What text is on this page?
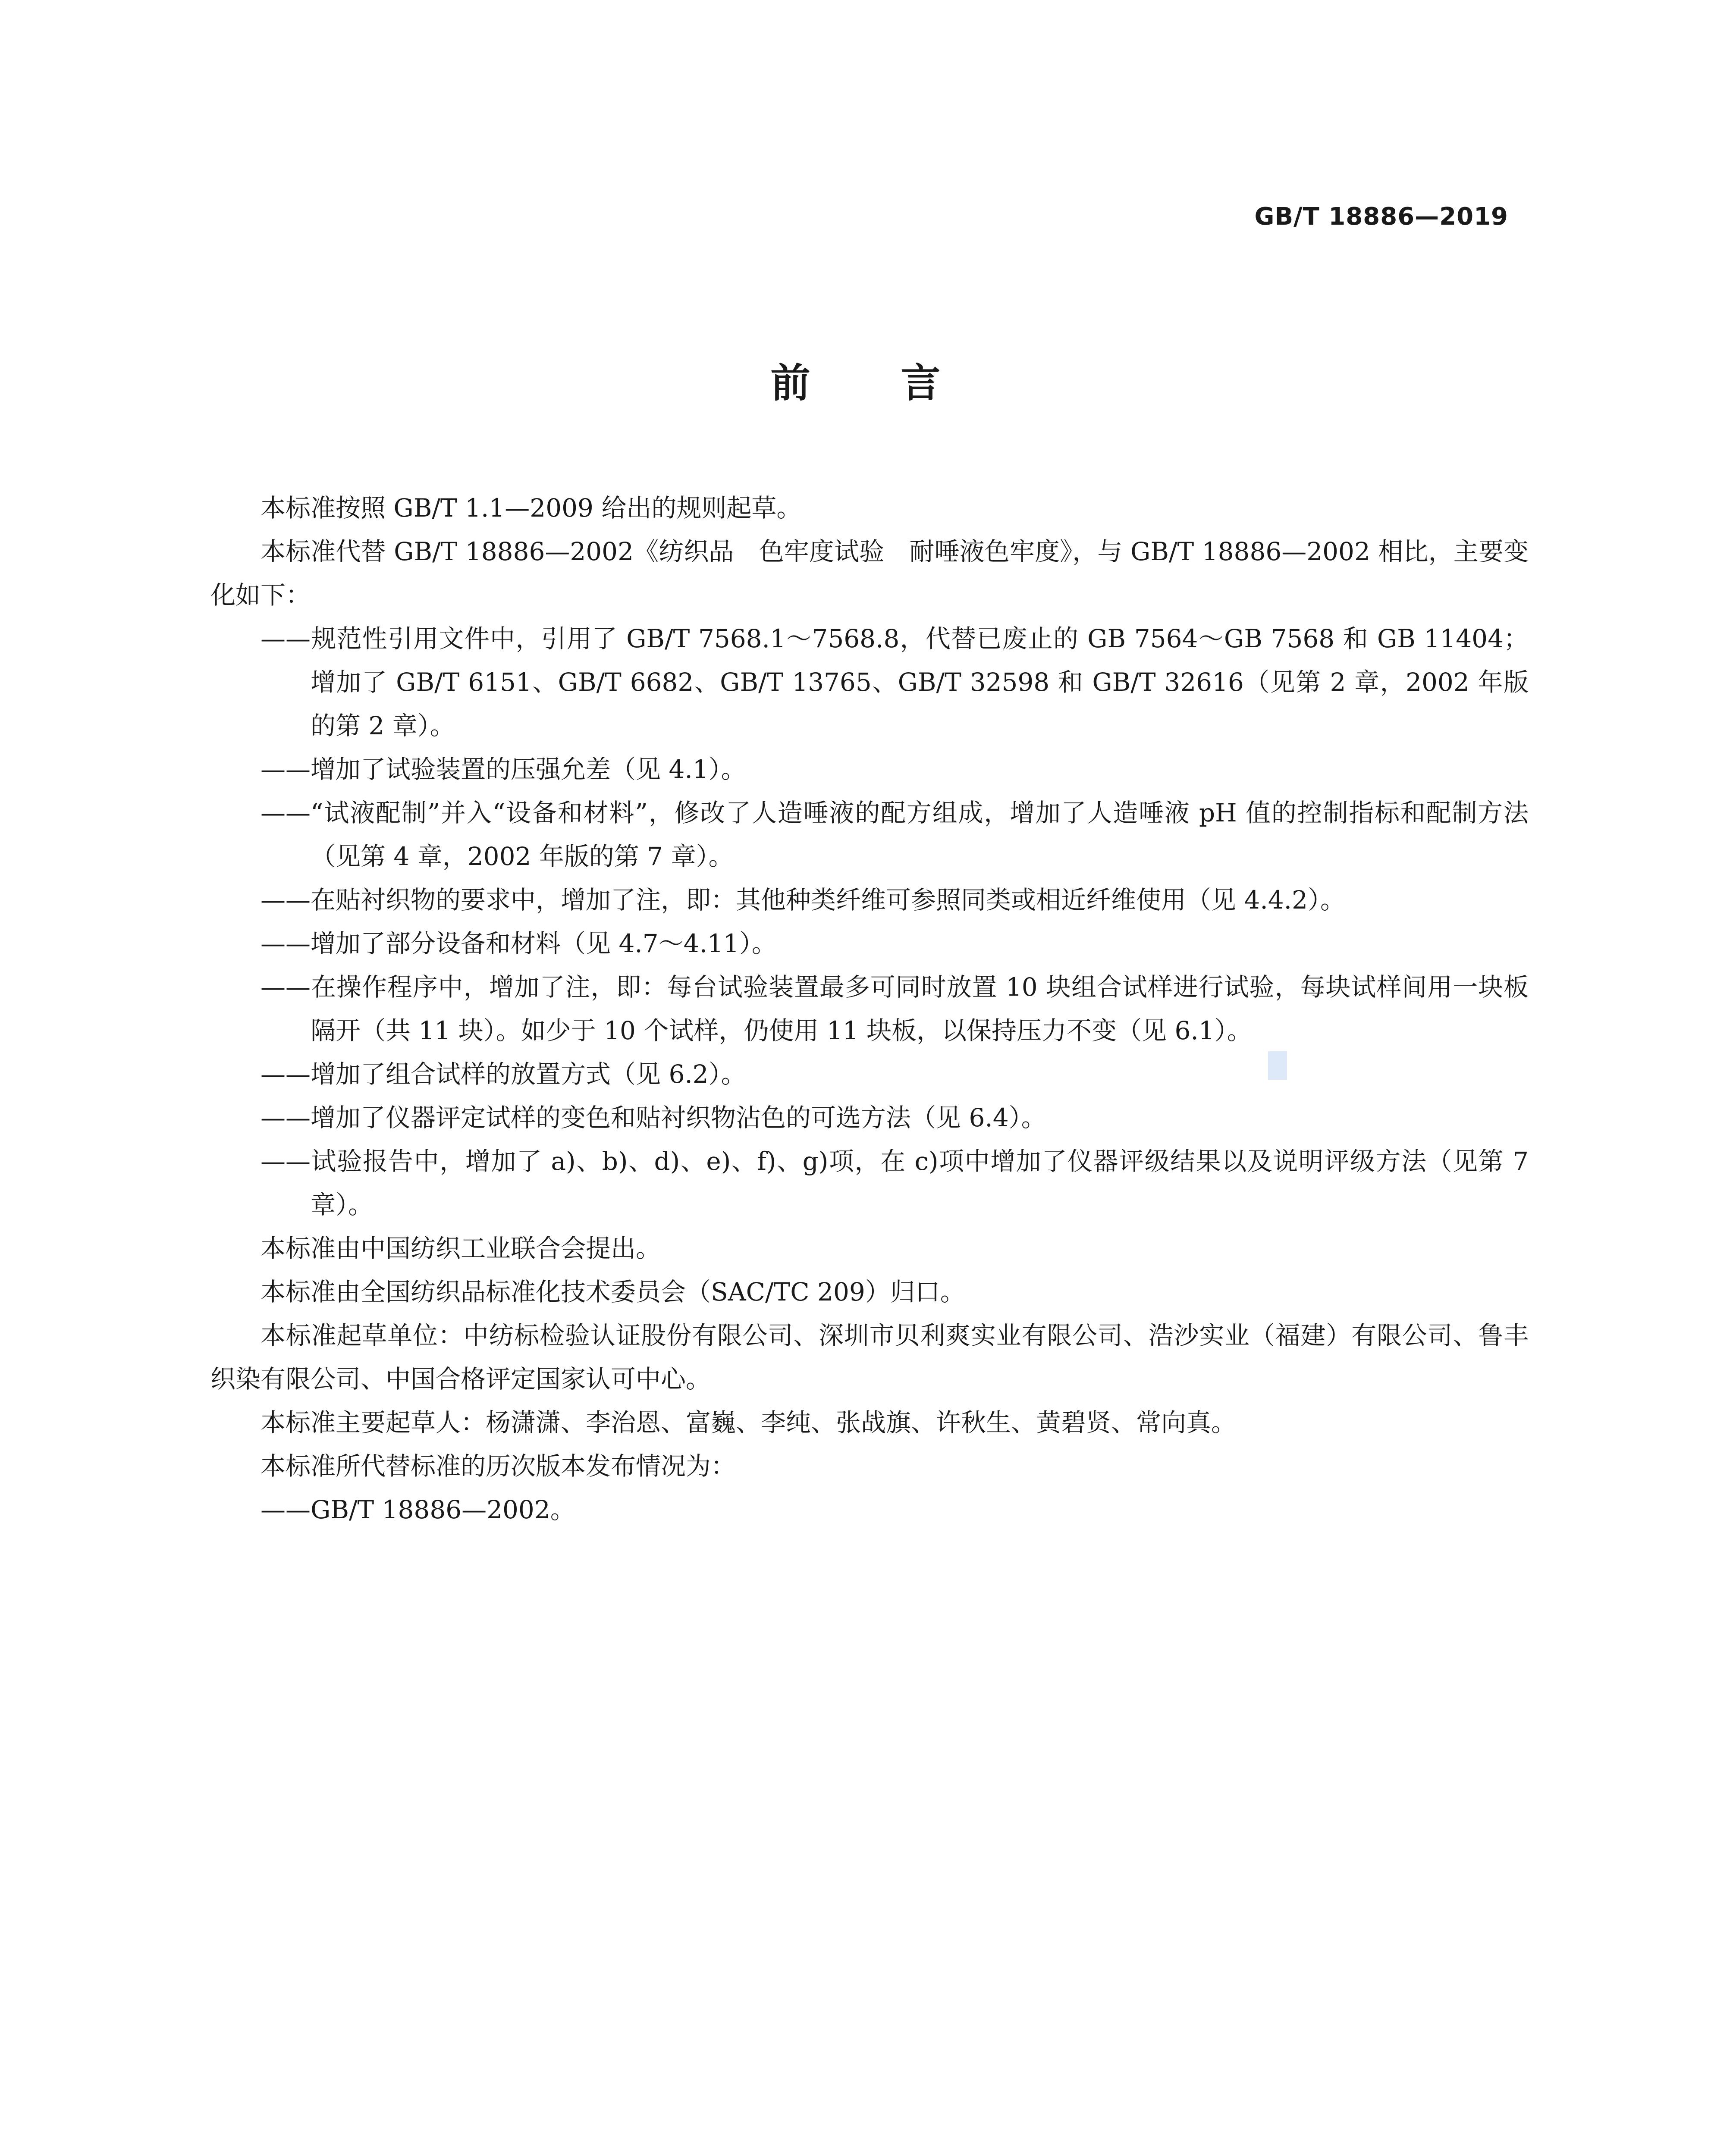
GB/T 18886—2019
前言

本标准按照 GB/T 1.1—2009 给出的规则起草。

本标准代替 GB/T 18886—2002《纺织品　色牢度试验　耐唾液色牢度》，与 GB/T 18886—2002 相比，主要变化如下：

——规范性引用文件中，引用了 GB/T 7568.1～7568.8，代替已废止的 GB 7564～GB 7568 和 GB 11404；增加了 GB/T 6151、GB/T 6682、GB/T 13765、GB/T 32598 和 GB/T 32616（见第 2 章，2002 年版的第 2 章）。

——增加了试验装置的压强允差（见 4.1）。

——“试液配制”并入“设备和材料”，修改了人造唾液的配方组成，增加了人造唾液 pH 值的控制指标和配制方法（见第 4 章，2002 年版的第 7 章）。

——在贴衬织物的要求中，增加了注，即：其他种类纤维可参照同类或相近纤维使用（见 4.4.2）。

——增加了部分设备和材料（见 4.7～4.11）。

——在操作程序中，增加了注，即：每台试验装置最多可同时放置 10 块组合试样进行试验，每块试样间用一块板隔开（共 11 块）。如少于 10 个试样，仍使用 11 块板，以保持压力不变（见 6.1）。

——增加了组合试样的放置方式（见 6.2）。

——增加了仪器评定试样的变色和贴衬织物沾色的可选方法（见 6.4）。

——试验报告中，增加了 a)、b)、d)、e)、f)、g)项，在 c)项中增加了仪器评级结果以及说明评级方法（见第 7 章）。

本标准由中国纺织工业联合会提出。

本标准由全国纺织品标准化技术委员会（SAC/TC 209）归口。

本标准起草单位：中纺标检验认证股份有限公司、深圳市贝利爽实业有限公司、浩沙实业（福建）有限公司、鲁丰织染有限公司、中国合格评定国家认可中心。

本标准主要起草人：杨潇潇、李治恩、富巍、李纯、张战旗、许秋生、黄碧贤、常向真。

本标准所代替标准的历次版本发布情况为：

——GB/T 18886—2002。
